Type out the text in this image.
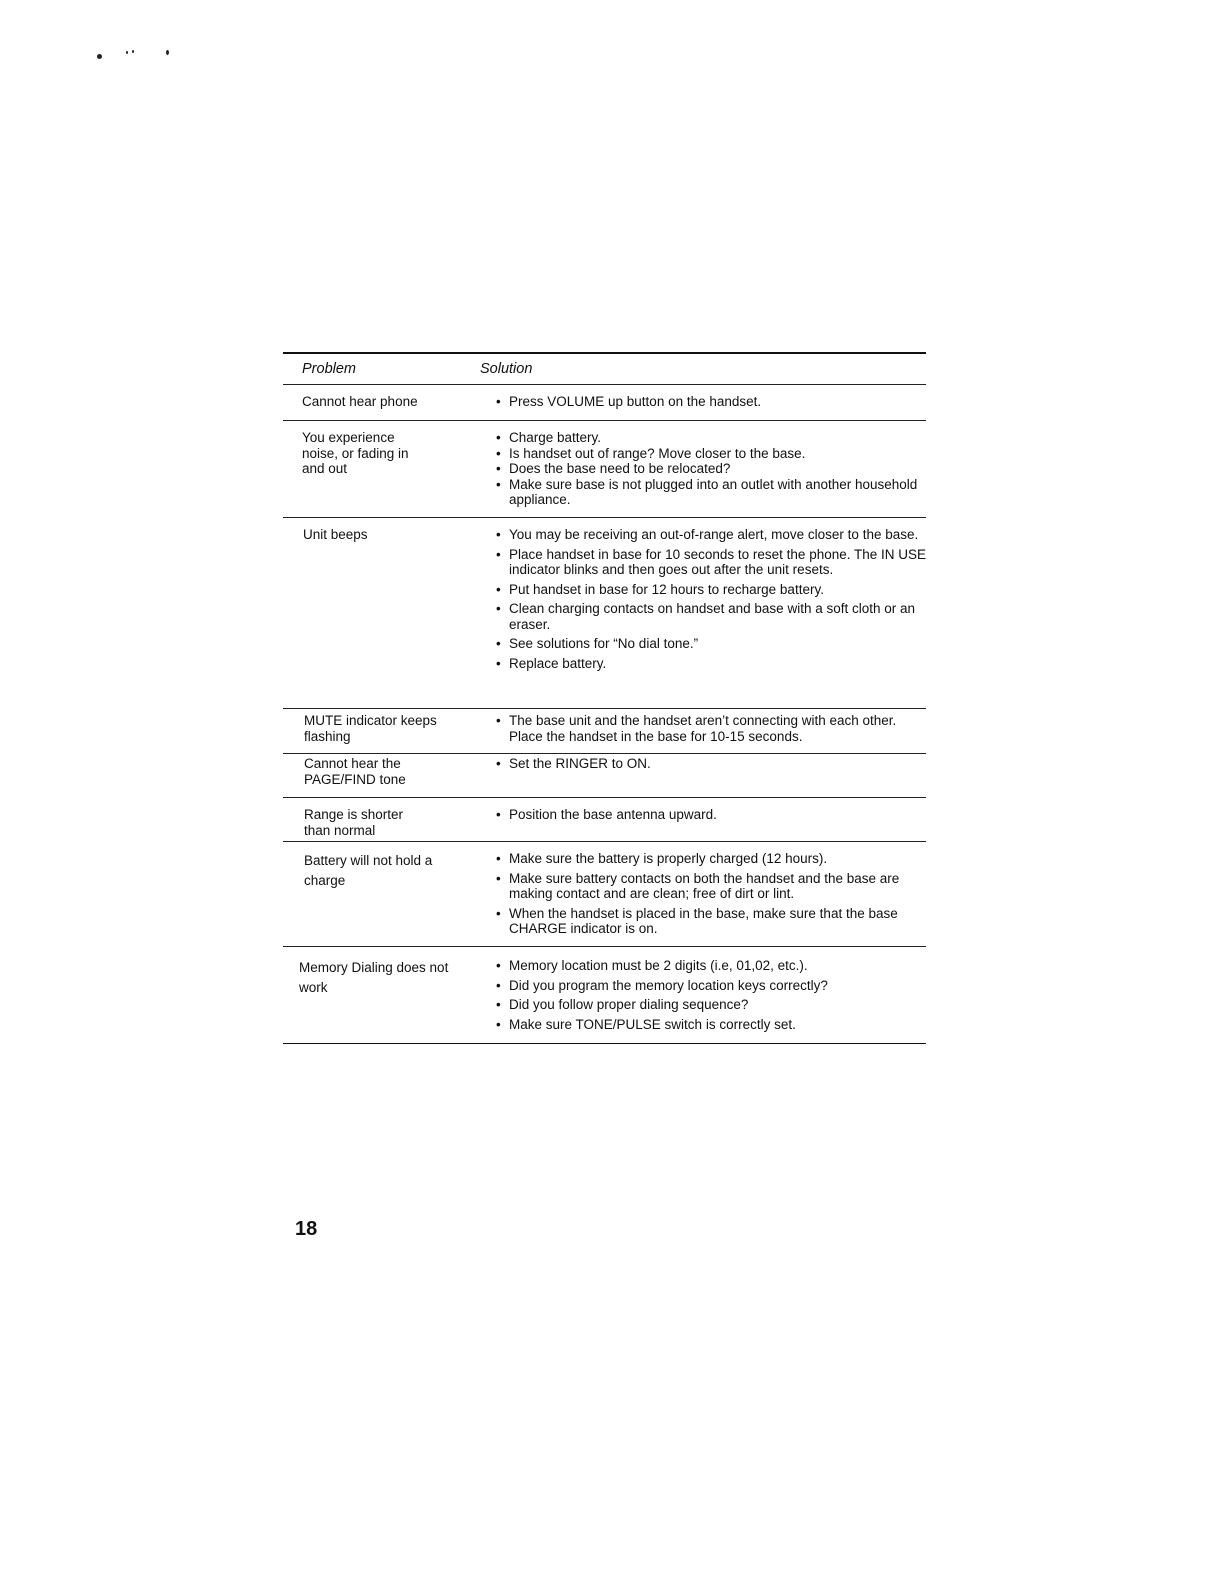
Problem	Solution
Cannot hear phone	• Press VOLUME up button on the handset.
You experience noise, or fading in and out
• Charge battery.
• Is handset out of range? Move closer to the base.
• Does the base need to be relocated?
• Make sure base is not plugged into an outlet with another household appliance.
Unit beeps	• You may be receiving an out-of-range alert, move closer to the base.
• Place handset in base for 10 seconds to reset the phone. The IN USE indicator blinks and then goes out after the unit resets.
• Put handset in base for 12 hours to recharge battery.
• Clean charging contacts on handset and base with a soft cloth or an eraser.
• See solutions for “No dial tone.”
• Replace battery.
MUTE indicator keeps flashing
• The base unit and the handset aren’t connecting with each other. Place the handset in the base for 10-15 seconds.
Cannot hear the PAGE/FIND tone
• Set the RINGER to ON.
Range is shorter than normal
• Position the base antenna upward.
Battery will not hold a charge
• Make sure the battery is properly charged (12 hours).
• Make sure battery contacts on both the handset and the base are making contact and are clean; free of dirt or lint.
• When the handset is placed in the base, make sure that the base CHARGE indicator is on.
Memory Dialing does not work
• Memory location must be 2 digits (i.e, 01,02, etc.).
• Did you program the memory location keys correctly?
• Did you follow proper dialing sequence?
• Make sure TONE/PULSE switch is correctly set.
18
